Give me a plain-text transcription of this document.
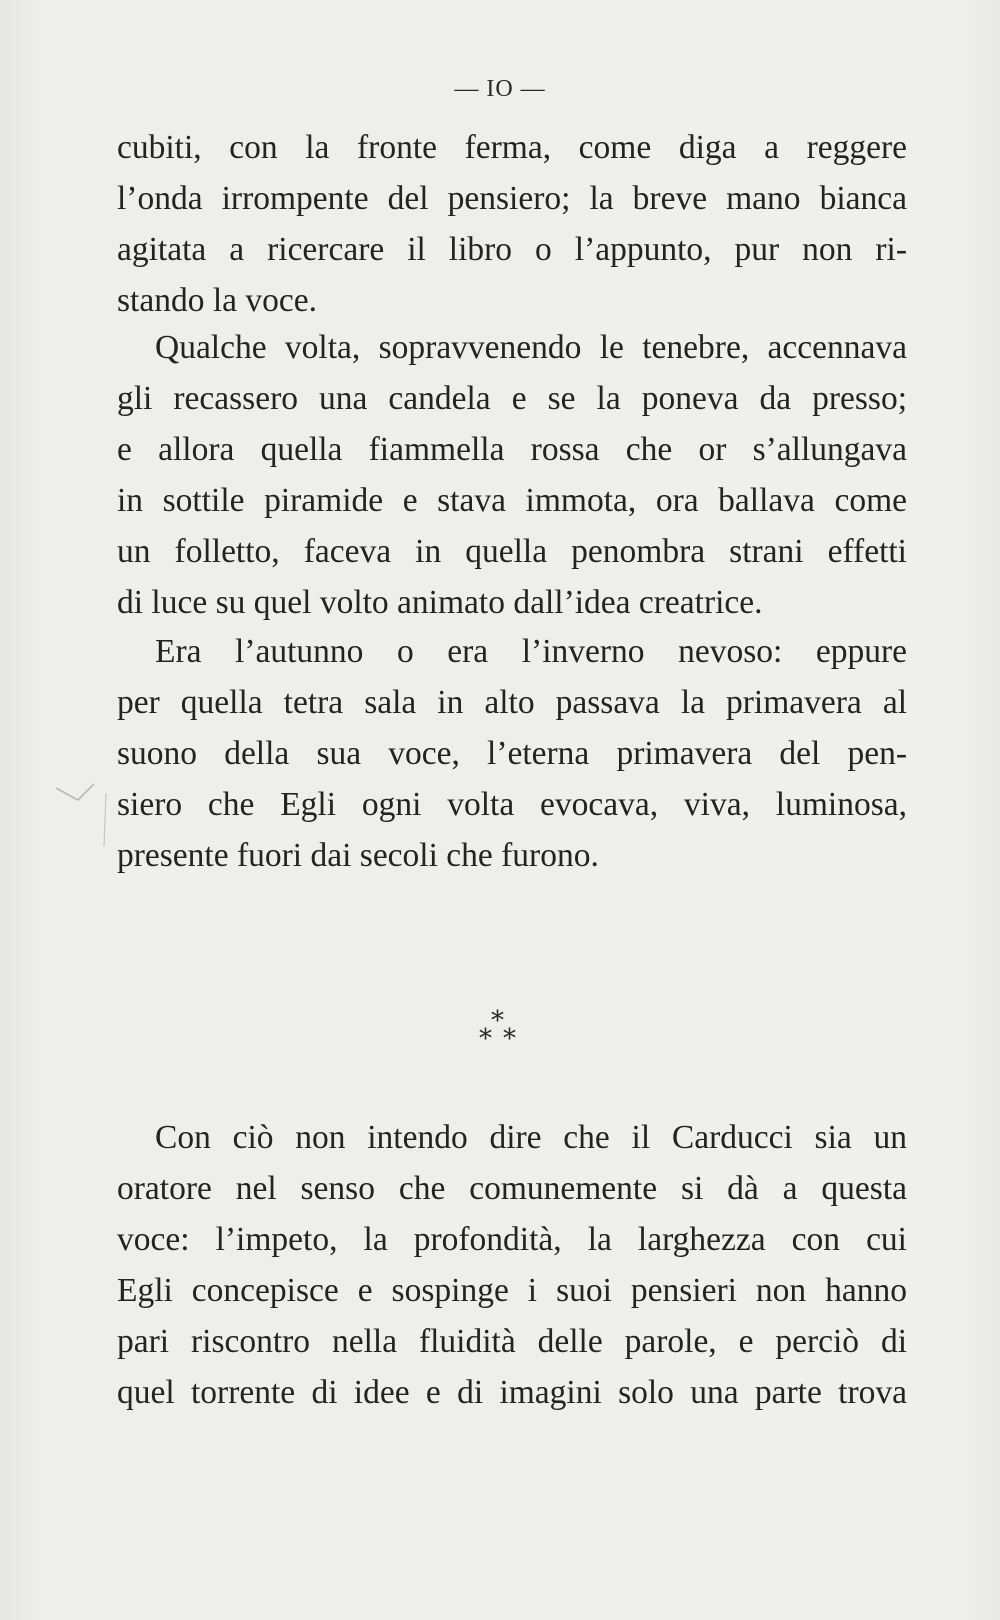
— IO —
cubiti, con la fronte ferma, come diga a reggere
l’onda irrompente del pensiero; la breve mano bianca
agitata a ricercare il libro o l’appunto, pur non ri-
stando la voce.
Qualche volta, sopravvenendo le tenebre, accennava
gli recassero una candela e se la poneva da presso;
e allora quella fiammella rossa che or s’allungava
in sottile piramide e stava immota, ora ballava come
un folletto, faceva in quella penombra strani effetti
di luce su quel volto animato dall’idea creatrice.
Era l’autunno o era l’inverno nevoso: eppure
per quella tetra sala in alto passava la primavera al
suono della sua voce, l’eterna primavera del pen-
siero che Egli ogni volta evocava, viva, luminosa,
presente fuori dai secoli che furono.
*
* *
Con ciò non intendo dire che il Carducci sia un
oratore nel senso che comunemente si dà a questa
voce: l’impeto, la profondità, la larghezza con cui
Egli concepisce e sospinge i suoi pensieri non hanno
pari riscontro nella fluidità delle parole, e perciò di
quel torrente di idee e di imagini solo una parte trova
